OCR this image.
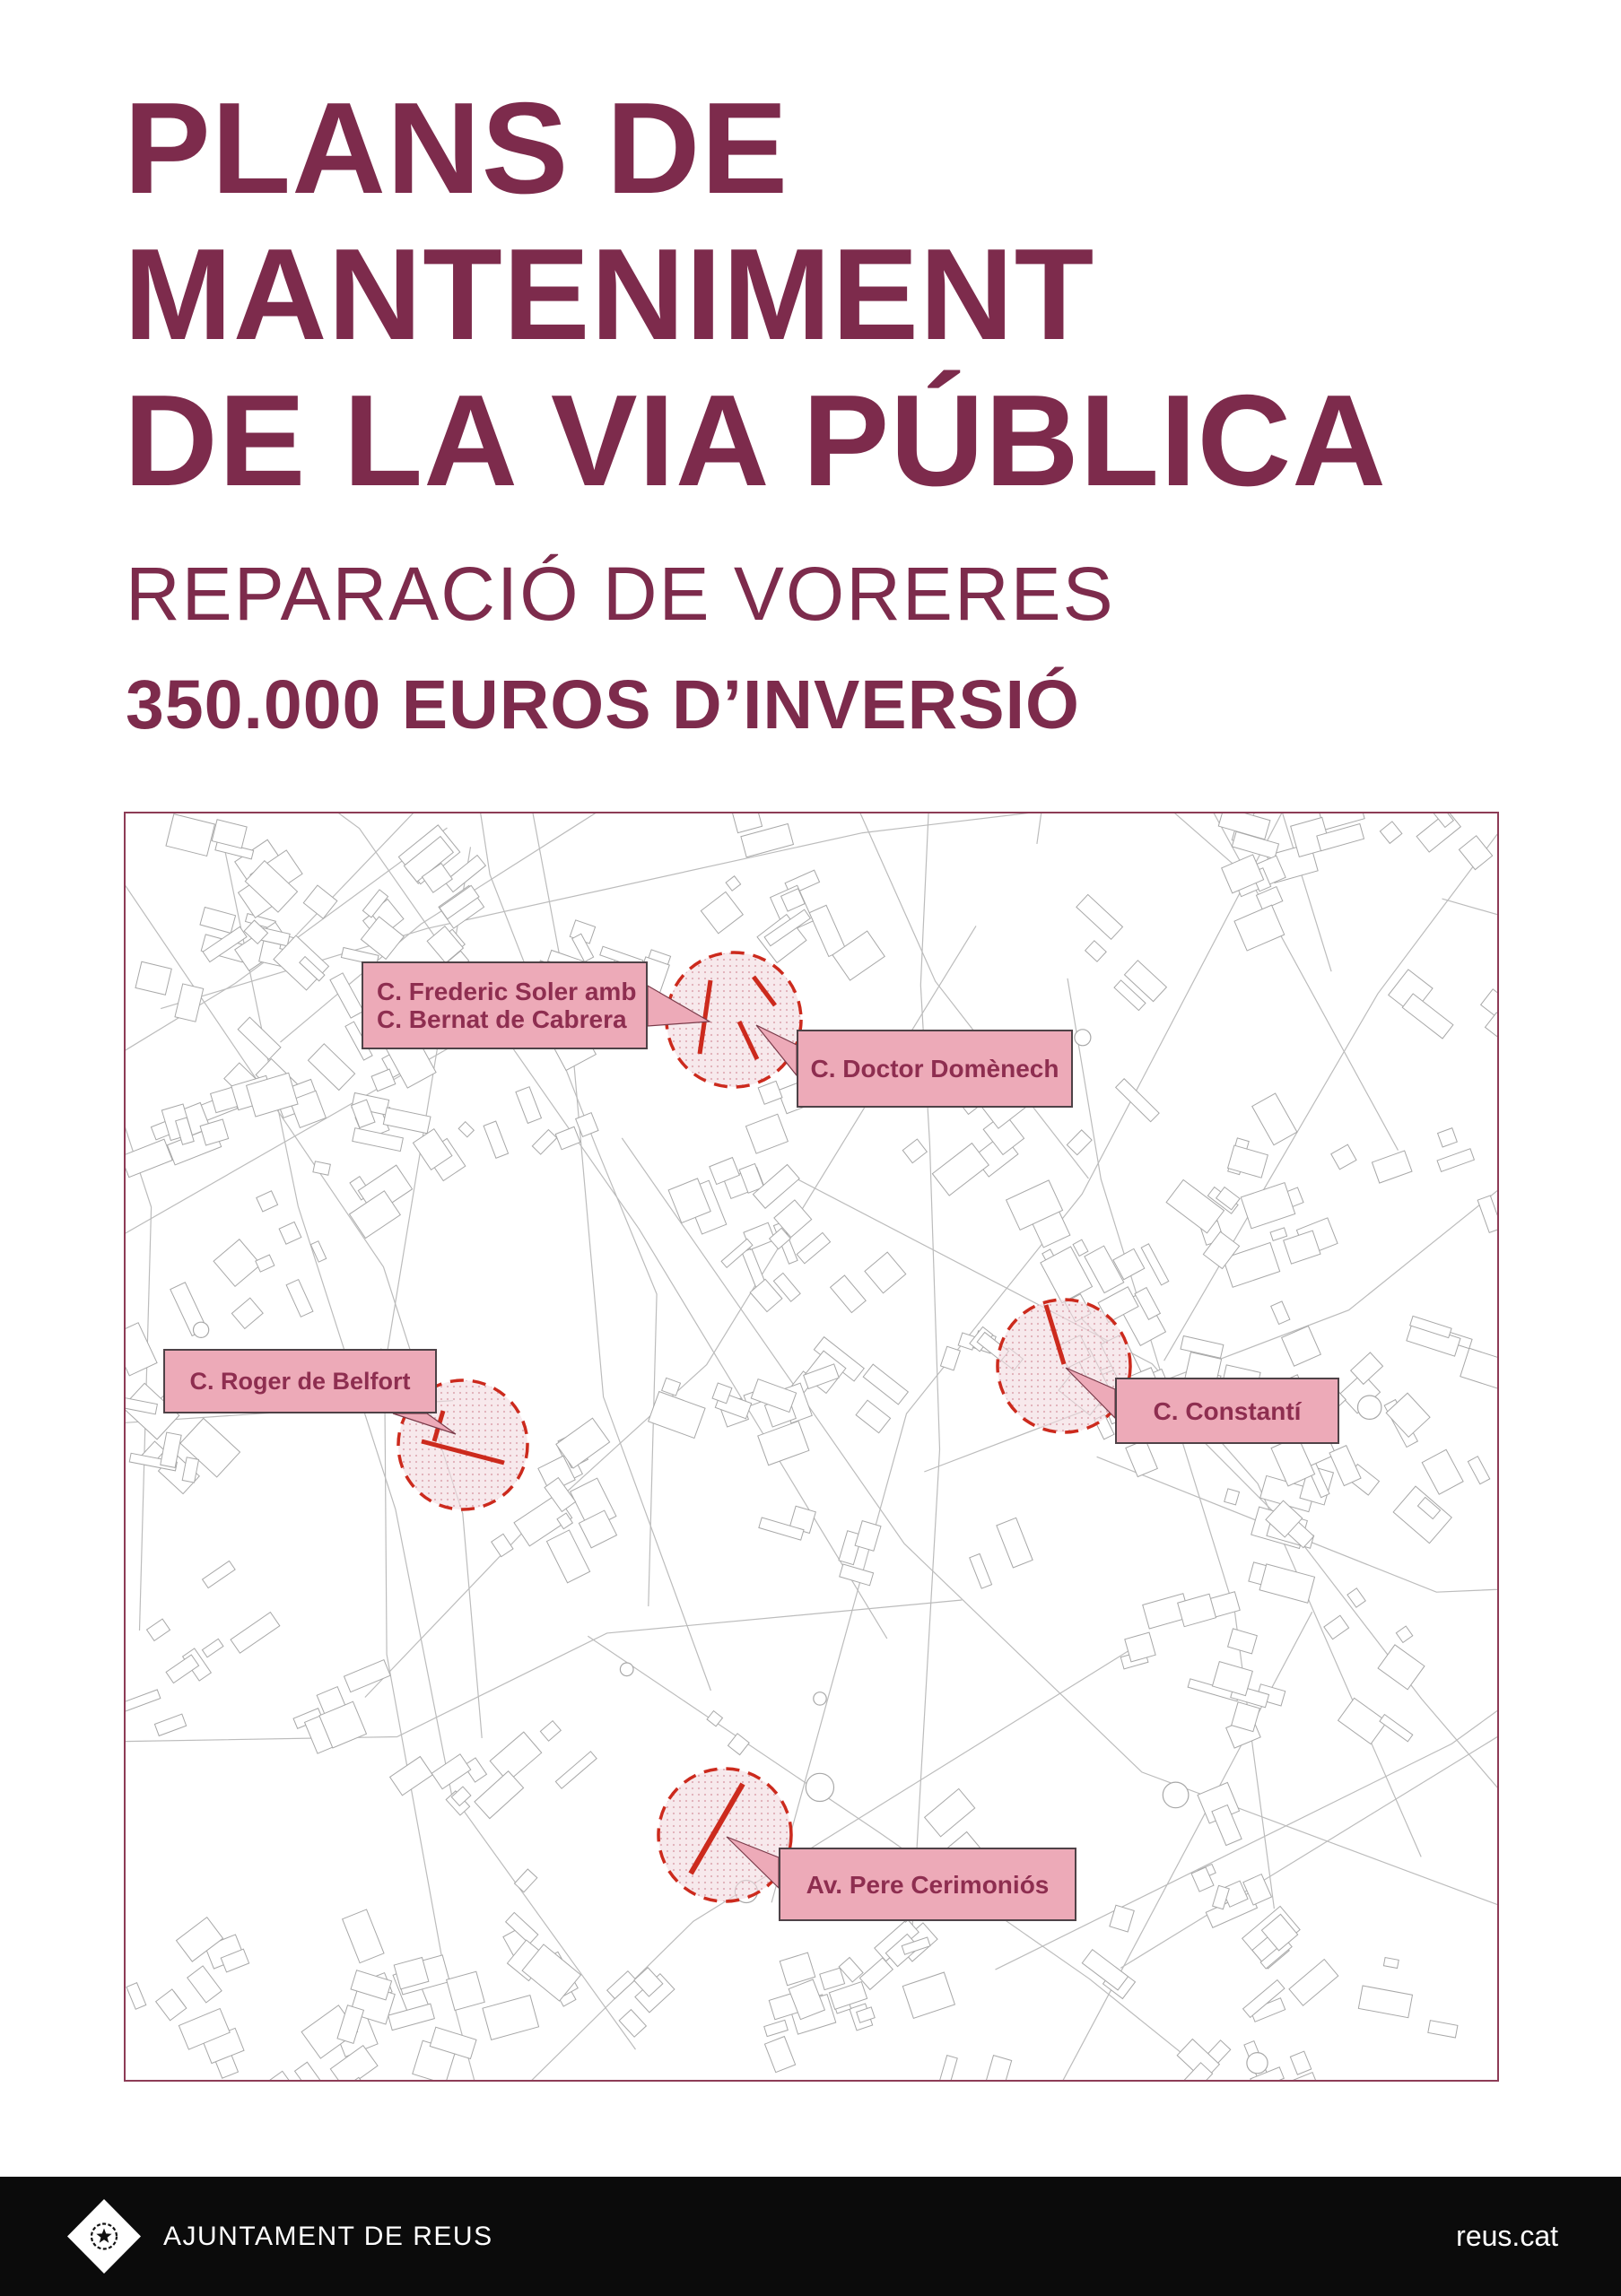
PLANS DE
MANTENIMENT
DE LA VIA PÚBLICA
REPARACIÓ DE VORERES
350.000 EUROS D’INVERSIÓ
C. Frederic Soler amb
C. Bernat de Cabrera
C. Doctor Domènech
C. Roger de Belfort
C. Constantí
Av. Pere Cerimoniós
AJUNTAMENT DE REUS	reus.cat
